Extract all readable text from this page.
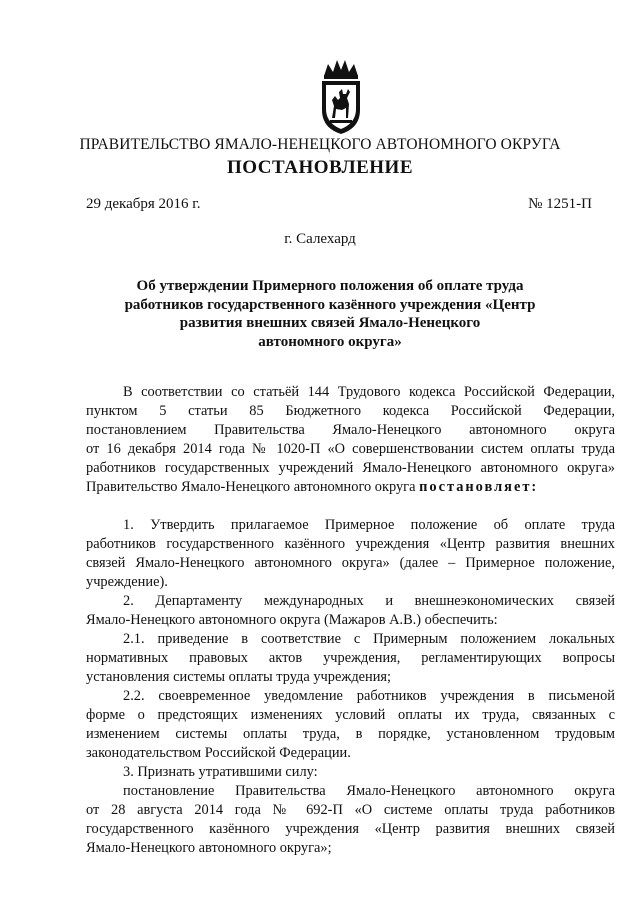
ПРАВИТЕЛЬСТВО ЯМАЛО-НЕНЕЦКОГО АВТОНОМНОГО ОКРУГА
ПОСТАНОВЛЕНИЕ
29 декабря 2016 г.	№ 1251-П
г. Салехард
Об утверждении Примерного положения об оплате труда
работников государственного казённого учреждения «Центр
развития внешних связей Ямало-Ненецкого
автономного округа»
В соответствии со статьёй 144 Трудового кодекса Российской Федерации,
пунктом 5 статьи 85 Бюджетного кодекса Российской Федерации,
постановлением Правительства Ямало-Ненецкого автономного округа
от 16 декабря 2014 года № 1020-П «О совершенствовании систем оплаты труда
работников государственных учреждений Ямало-Ненецкого автономного округа»
Правительство Ямало-Ненецкого автономного округа постановляет:
1. Утвердить прилагаемое Примерное положение об оплате труда
работников государственного казённого учреждения «Центр развития внешних
связей Ямало-Ненецкого автономного округа» (далее – Примерное положение,
учреждение).
2. Департаменту международных и внешнеэкономических связей
Ямало-Ненецкого автономного округа (Мажаров А.В.) обеспечить:
2.1. приведение в соответствие с Примерным положением локальных
нормативных правовых актов учреждения, регламентирующих вопросы
установления системы оплаты труда учреждения;
2.2. своевременное уведомление работников учреждения в письменой
форме о предстоящих изменениях условий оплаты их труда, связанных с
изменением системы оплаты труда, в порядке, установленном трудовым
законодательством Российской Федерации.
3. Признать утратившими силу:
постановление Правительства Ямало-Ненецкого автономного округа
от 28 августа 2014 года № 692-П «О системе оплаты труда работников
государственного казённого учреждения «Центр развития внешних связей
Ямало-Ненецкого автономного округа»;
